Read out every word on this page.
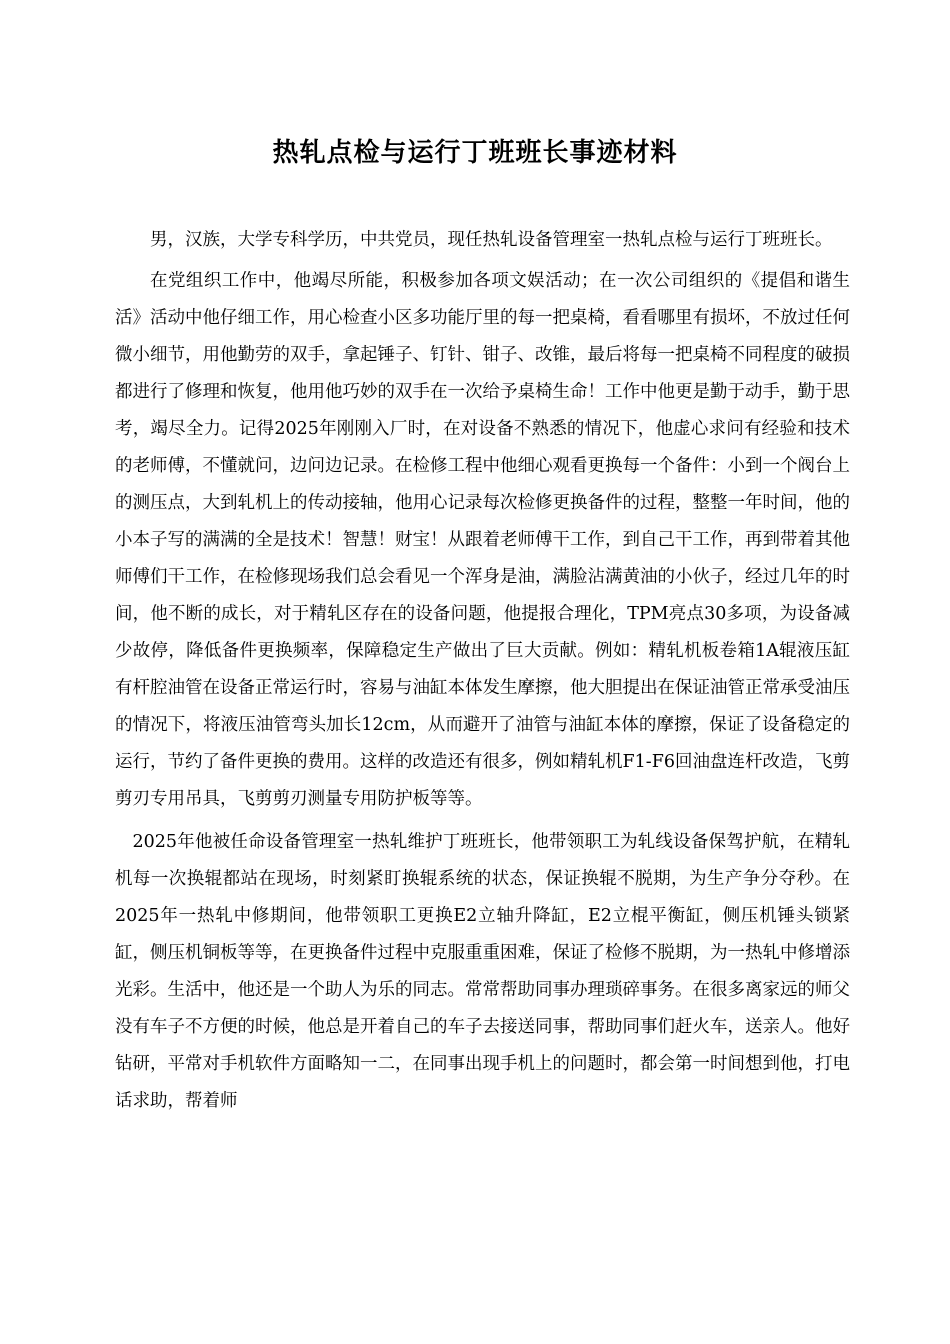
热轧点检与运行丁班班长事迹材料

男，汉族，大学专科学历，中共党员，现任热轧设备管理室一热轧点检与运行丁班班长。

在党组织工作中，他竭尽所能，积极参加各项文娱活动；在一次公司组织的《提倡和谐生活》活动中他仔细工作，用心检查小区多功能厅里的每一把桌椅，看看哪里有损坏，不放过任何微小细节，用他勤劳的双手，拿起锤子、钉针、钳子、改锥，最后将每一把桌椅不同程度的破损都进行了修理和恢复，他用他巧妙的双手在一次给予桌椅生命！工作中他更是勤于动手，勤于思考，竭尽全力。记得2025年刚刚入厂时，在对设备不熟悉的情况下，他虚心求问有经验和技术的老师傅，不懂就问，边问边记录。在检修工程中他细心观看更换每一个备件：小到一个阀台上的测压点，大到轧机上的传动接轴，他用心记录每次检修更换备件的过程，整整一年时间，他的小本子写的满满的全是技术！智慧！财宝！从跟着老师傅干工作，到自己干工作，再到带着其他师傅们干工作，在检修现场我们总会看见一个浑身是油，满脸沾满黄油的小伙子，经过几年的时间，他不断的成长，对于精轧区存在的设备问题，他提报合理化，TPM亮点30多项，为设备减少故停，降低备件更换频率，保障稳定生产做出了巨大贡献。例如：精轧机板卷箱1A辊液压缸有杆腔油管在设备正常运行时，容易与油缸本体发生摩擦，他大胆提出在保证油管正常承受油压的情况下，将液压油管弯头加长12cm，从而避开了油管与油缸本体的摩擦，保证了设备稳定的运行，节约了备件更换的费用。这样的改造还有很多，例如精轧机F1-F6回油盘连杆改造，飞剪剪刃专用吊具，飞剪剪刃测量专用防护板等等。

2025年他被任命设备管理室一热轧维护丁班班长，他带领职工为轧线设备保驾护航，在精轧机每一次换辊都站在现场，时刻紧盯换辊系统的状态，保证换辊不脱期，为生产争分夺秒。在2025年一热轧中修期间，他带领职工更换E2立轴升降缸，E2立棍平衡缸，侧压机锤头锁紧缸，侧压机铜板等等，在更换备件过程中克服重重困难，保证了检修不脱期，为一热轧中修增添光彩。生活中，他还是一个助人为乐的同志。常常帮助同事办理琐碎事务。在很多离家远的师父没有车子不方便的时候，他总是开着自己的车子去接送同事，帮助同事们赶火车，送亲人。他好钻研，平常对手机软件方面略知一二，在同事出现手机上的问题时，都会第一时间想到他，打电话求助，帮着师
